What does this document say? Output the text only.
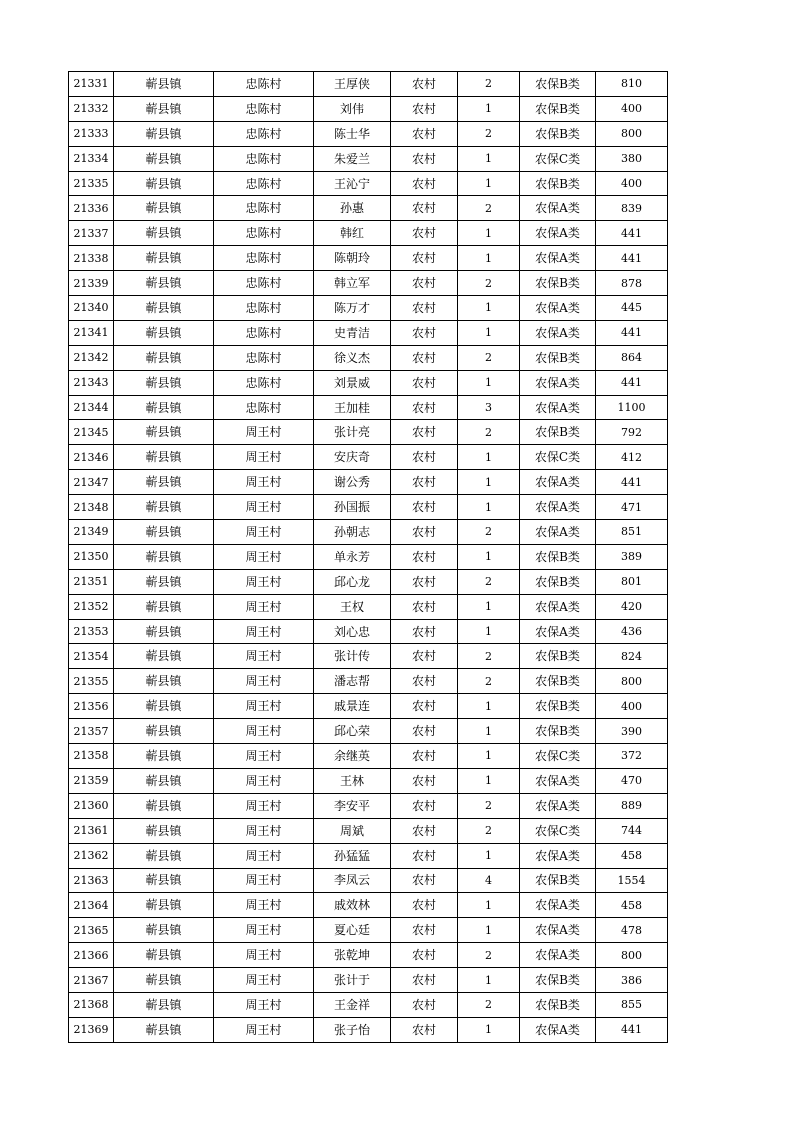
21331	蕲县镇	忠陈村	王厚侠	农村	2	农保B类	810
21332	蕲县镇	忠陈村	刘伟	农村	1	农保B类	400
21333	蕲县镇	忠陈村	陈士华	农村	2	农保B类	800
21334	蕲县镇	忠陈村	朱爱兰	农村	1	农保C类	380
21335	蕲县镇	忠陈村	王沁宁	农村	1	农保B类	400
21336	蕲县镇	忠陈村	孙惠	农村	2	农保A类	839
21337	蕲县镇	忠陈村	韩红	农村	1	农保A类	441
21338	蕲县镇	忠陈村	陈朝玲	农村	1	农保A类	441
21339	蕲县镇	忠陈村	韩立军	农村	2	农保B类	878
21340	蕲县镇	忠陈村	陈万才	农村	1	农保A类	445
21341	蕲县镇	忠陈村	史青洁	农村	1	农保A类	441
21342	蕲县镇	忠陈村	徐义杰	农村	2	农保B类	864
21343	蕲县镇	忠陈村	刘景威	农村	1	农保A类	441
21344	蕲县镇	忠陈村	王加桂	农村	3	农保A类	1100
21345	蕲县镇	周王村	张计亮	农村	2	农保B类	792
21346	蕲县镇	周王村	安庆奇	农村	1	农保C类	412
21347	蕲县镇	周王村	谢公秀	农村	1	农保A类	441
21348	蕲县镇	周王村	孙国振	农村	1	农保A类	471
21349	蕲县镇	周王村	孙朝志	农村	2	农保A类	851
21350	蕲县镇	周王村	单永芳	农村	1	农保B类	389
21351	蕲县镇	周王村	邱心龙	农村	2	农保B类	801
21352	蕲县镇	周王村	王权	农村	1	农保A类	420
21353	蕲县镇	周王村	刘心忠	农村	1	农保A类	436
21354	蕲县镇	周王村	张计传	农村	2	农保B类	824
21355	蕲县镇	周王村	潘志帮	农村	2	农保B类	800
21356	蕲县镇	周王村	戚景连	农村	1	农保B类	400
21357	蕲县镇	周王村	邱心荣	农村	1	农保B类	390
21358	蕲县镇	周王村	余继英	农村	1	农保C类	372
21359	蕲县镇	周王村	王林	农村	1	农保A类	470
21360	蕲县镇	周王村	李安平	农村	2	农保A类	889
21361	蕲县镇	周王村	周斌	农村	2	农保C类	744
21362	蕲县镇	周王村	孙猛猛	农村	1	农保A类	458
21363	蕲县镇	周王村	李凤云	农村	4	农保B类	1554
21364	蕲县镇	周王村	戚效林	农村	1	农保A类	458
21365	蕲县镇	周王村	夏心廷	农村	1	农保A类	478
21366	蕲县镇	周王村	张乾坤	农村	2	农保A类	800
21367	蕲县镇	周王村	张计于	农村	1	农保B类	386
21368	蕲县镇	周王村	王金祥	农村	2	农保B类	855
21369	蕲县镇	周王村	张子怡	农村	1	农保A类	441
